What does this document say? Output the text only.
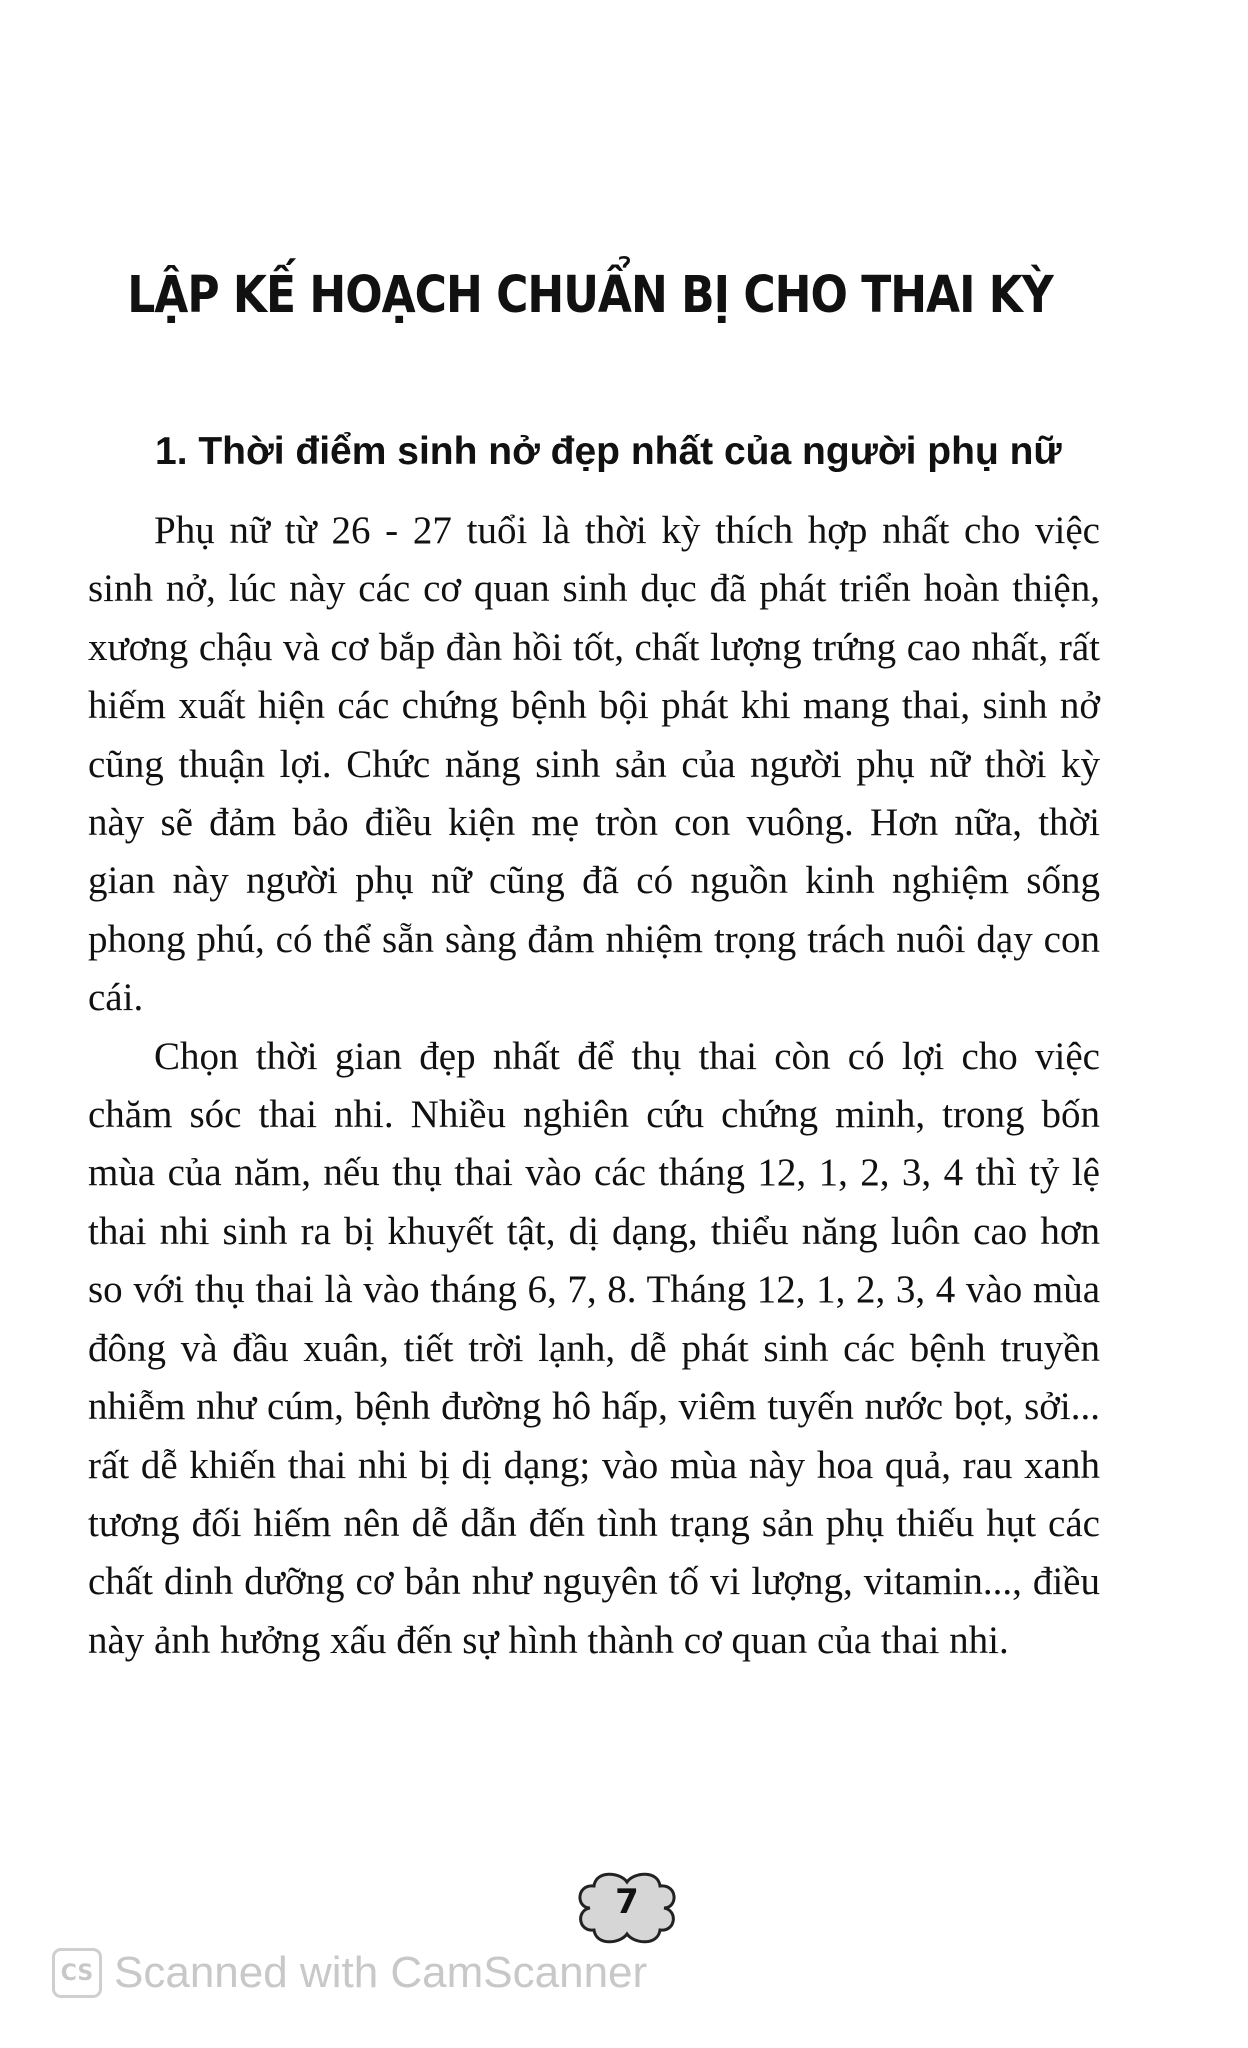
LẬP KẾ HOẠCH CHUẨN BỊ CHO THAI KỲ
1. Thời điểm sinh nở đẹp nhất của người phụ nữ

Phụ nữ từ 26 - 27 tuổi là thời kỳ thích hợp nhất cho việc sinh nở, lúc này các cơ quan sinh dục đã phát triển hoàn thiện, xương chậu và cơ bắp đàn hồi tốt, chất lượng trứng cao nhất, rất hiếm xuất hiện các chứng bệnh bội phát khi mang thai, sinh nở cũng thuận lợi. Chức năng sinh sản của người phụ nữ thời kỳ này sẽ đảm bảo điều kiện mẹ tròn con vuông. Hơn nữa, thời gian này người phụ nữ cũng đã có nguồn kinh nghiệm sống phong phú, có thể sẵn sàng đảm nhiệm trọng trách nuôi dạy con cái.

Chọn thời gian đẹp nhất để thụ thai còn có lợi cho việc chăm sóc thai nhi. Nhiều nghiên cứu chứng minh, trong bốn mùa của năm, nếu thụ thai vào các tháng 12, 1, 2, 3, 4 thì tỷ lệ thai nhi sinh ra bị khuyết tật, dị dạng, thiểu năng luôn cao hơn so với thụ thai là vào tháng 6, 7, 8. Tháng 12, 1, 2, 3, 4 vào mùa đông và đầu xuân, tiết trời lạnh, dễ phát sinh các bệnh truyền nhiễm như cúm, bệnh đường hô hấp, viêm tuyến nước bọt, sởi... rất dễ khiến thai nhi bị dị dạng; vào mùa này hoa quả, rau xanh tương đối hiếm nên dễ dẫn đến tình trạng sản phụ thiếu hụt các chất dinh dưỡng cơ bản như nguyên tố vi lượng, vitamin..., điều này ảnh hưởng xấu đến sự hình thành cơ quan của thai nhi.

7
CS Scanned with CamScanner
